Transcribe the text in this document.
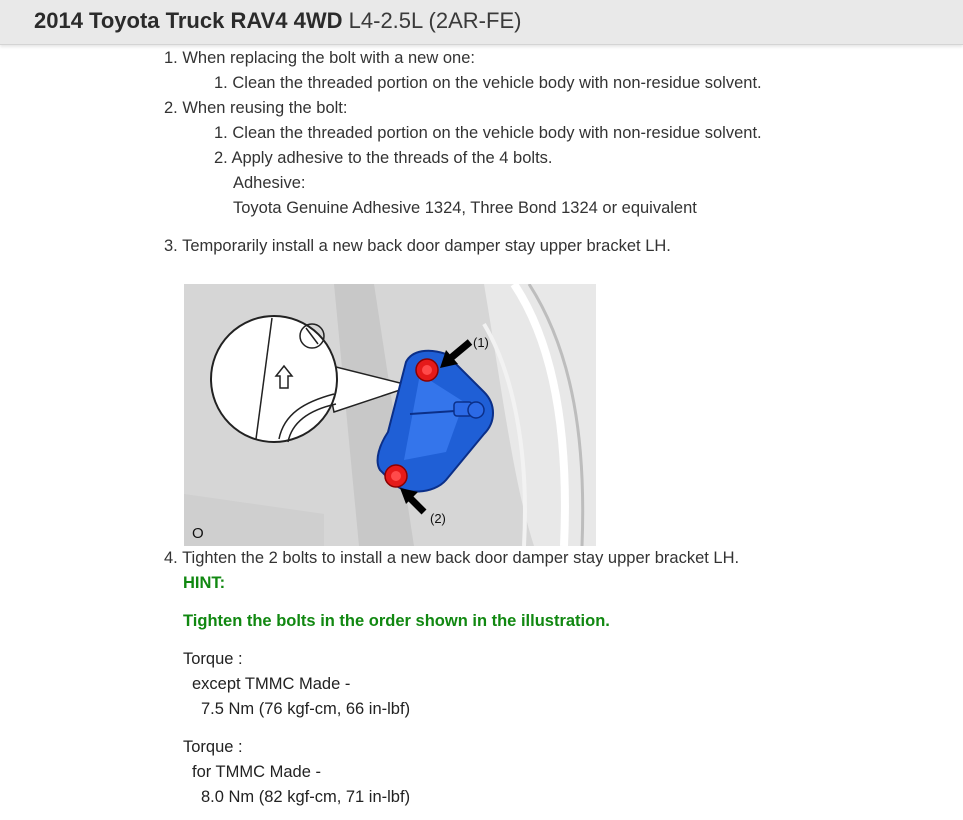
2014 Toyota Truck RAV4 4WD L4-2.5L (2AR-FE)
1. When replacing the bolt with a new one:
1. Clean the threaded portion on the vehicle body with non-residue solvent.
2. When reusing the bolt:
1. Clean the threaded portion on the vehicle body with non-residue solvent.
2. Apply adhesive to the threads of the 4 bolts.
Adhesive:
Toyota Genuine Adhesive 1324, Three Bond 1324 or equivalent
3. Temporarily install a new back door damper stay upper bracket LH.
(1)
(2)
O
4. Tighten the 2 bolts to install a new back door damper stay upper bracket LH.
HINT:
Tighten the bolts in the order shown in the illustration.
Torque :
except TMMC Made -
7.5 Nm (76 kgf-cm, 66 in-lbf)
Torque :
for TMMC Made -
8.0 Nm (82 kgf-cm, 71 in-lbf)
